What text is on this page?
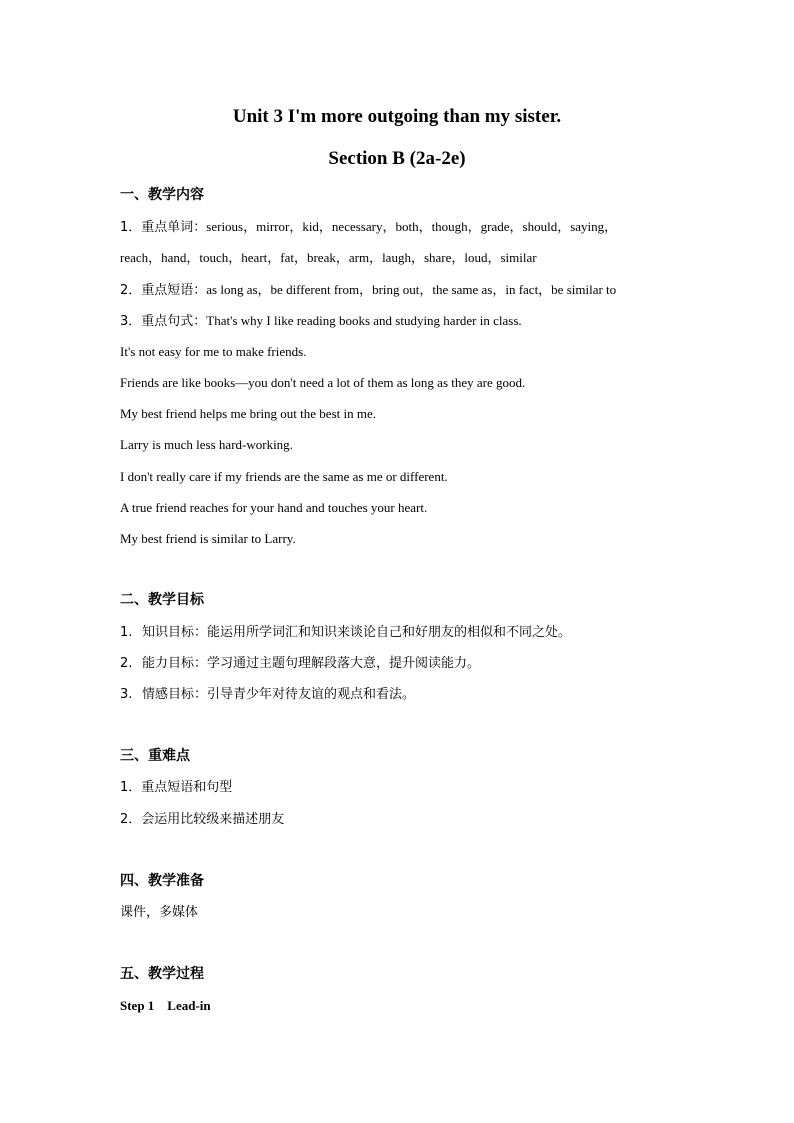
Unit 3 I'm more outgoing than my sister.
Section B (2a-2e)
一、教学内容
1．重点单词：serious，mirror，kid，necessary，both，though，grade，should，saying，
reach，hand，touch，heart，fat，break，arm，laugh，share，loud，similar
2．重点短语：as long as，be different from，bring out，the same as，in fact，be similar to
3．重点句式：That's why I like reading books and studying harder in class.
It's not easy for me to make friends.
Friends are like books—you don't need a lot of them as long as they are good.
My best friend helps me bring out the best in me.
Larry is much less hard-working.
I don't really care if my friends are the same as me or different.
A true friend reaches for your hand and touches your heart.
My best friend is similar to Larry.
二、教学目标
1. 知识目标：能运用所学词汇和知识来谈论自己和好朋友的相似和不同之处。
2. 能力目标：学习通过主题句理解段落大意，提升阅读能力。
3. 情感目标：引导青少年对待友谊的观点和看法。
三、重难点
1．重点短语和句型
2．会运用比较级来描述朋友
四、教学准备
课件，多媒体
五、教学过程
Step 1    Lead-in
